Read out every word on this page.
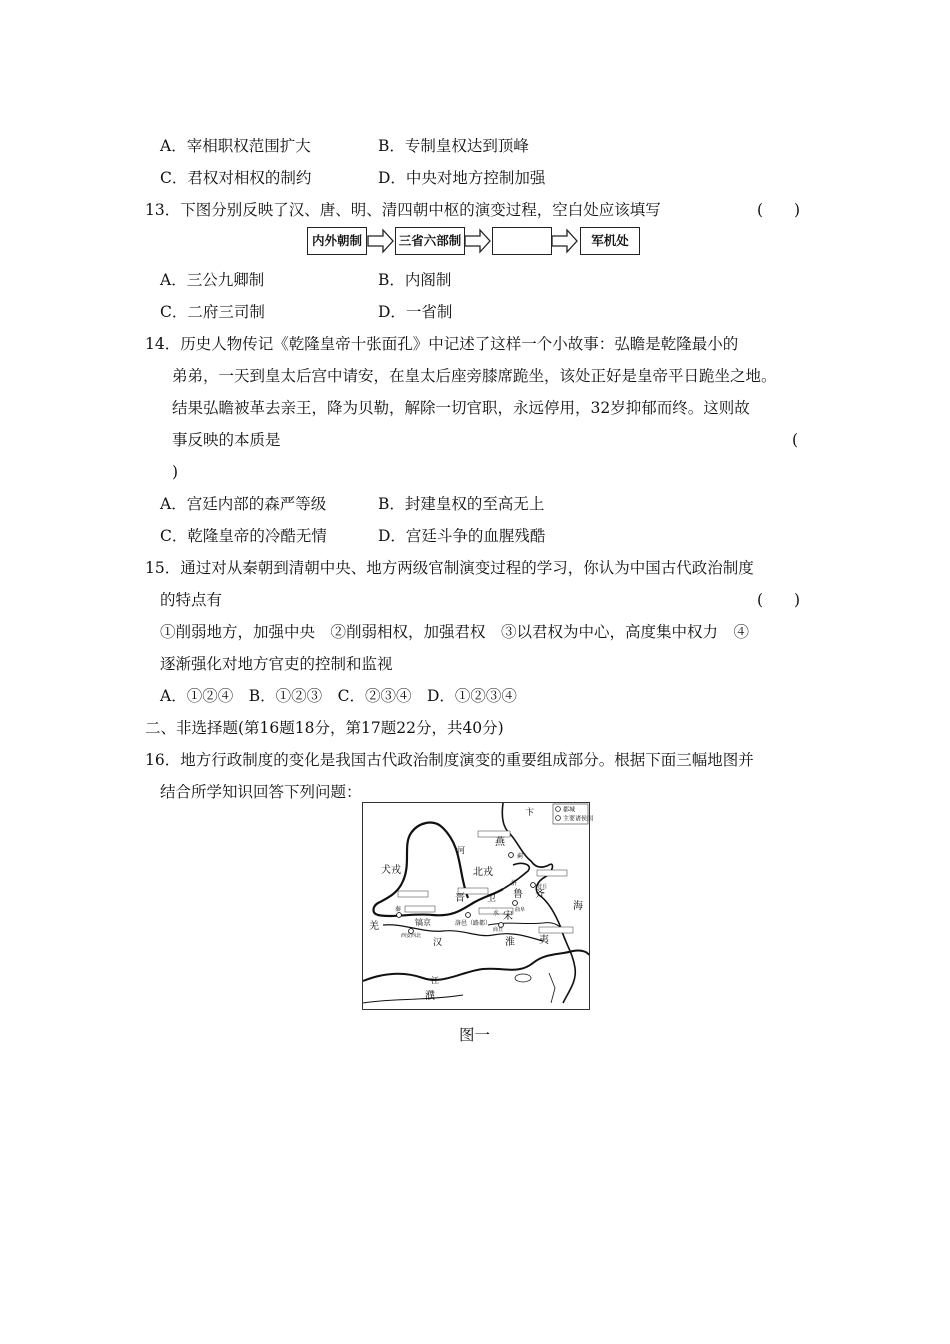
A．宰相职权范围扩大	B．专制皇权达到顶峰
C．君权对相权的制约	D．中央对地方控制加强
13．下图分别反映了汉、唐、明、清四朝中枢的演变过程，空白处应该填写	(　　)
内外朝制	三省六部制	军机处
A．三公九卿制	B．内阁制
C．二府三司制	D．一省制
14．历史人物传记《乾隆皇帝十张面孔》中记述了这样一个小故事：弘瞻是乾隆最小的
弟弟，一天到皇太后宫中请安，在皇太后座旁膝席跪坐，该处正好是皇帝平日跪坐之地。
结果弘瞻被革去亲王，降为贝勒，解除一切官职，永远停用，32岁抑郁而终。这则故
事反映的本质是	(
)
A．宫廷内部的森严等级	B．封建皇权的至高无上
C．乾隆皇帝的冷酷无情	D．宫廷斗争的血腥残酷
15．通过对从秦朝到清朝中央、地方两级官制演变过程的学习，你认为中国古代政治制度
的特点有	(　　)
①削弱地方，加强中央　②削弱相权，加强君权　③以君权为中心，高度集中权力　④
逐渐强化对地方官吏的控制和监视
A．①②④　B．①②③　C．②③④　D．①②③④
二、非选择题(第16题18分，第17题22分，共40分)
16．地方行政制度的变化是我国古代政治制度演变的重要组成部分。根据下面三幅地图并
结合所学知识回答下列问题：
都城
主要诸侯国
犬戎	北戎
河
燕
蓟
齐
晋 卫 鲁
宋
秦
镐京	洛邑（路都）
汉	淮 夷
江
濮
海
羌
曲阜
营丘
商丘
西安西北
水
济
卞
图一
